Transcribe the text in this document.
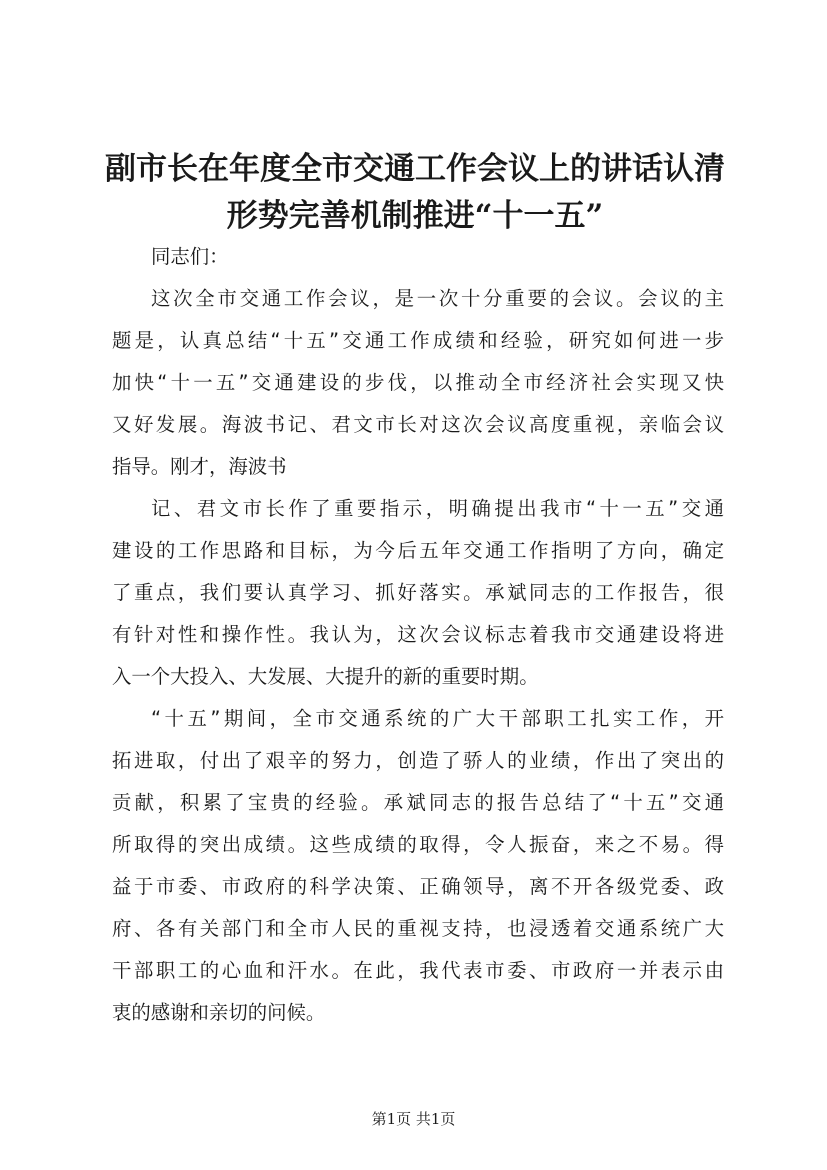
副市长在年度全市交通工作会议上的讲话认清
形势完善机制推进“十一五”
同志们：
这次全市交通工作会议，是一次十分重要的会议。会议的主
题是，认真总结“十五”交通工作成绩和经验，研究如何进一步
加快“十一五”交通建设的步伐，以推动全市经济社会实现又快
又好发展。海波书记、君文市长对这次会议高度重视，亲临会议
指导。刚才，海波书
记、君文市长作了重要指示，明确提出我市“十一五”交通
建设的工作思路和目标，为今后五年交通工作指明了方向，确定
了重点，我们要认真学习、抓好落实。承斌同志的工作报告，很
有针对性和操作性。我认为，这次会议标志着我市交通建设将进
入一个大投入、大发展、大提升的新的重要时期。
“十五”期间，全市交通系统的广大干部职工扎实工作，开
拓进取，付出了艰辛的努力，创造了骄人的业绩，作出了突出的
贡献，积累了宝贵的经验。承斌同志的报告总结了“十五”交通
所取得的突出成绩。这些成绩的取得，令人振奋，来之不易。得
益于市委、市政府的科学决策、正确领导，离不开各级党委、政
府、各有关部门和全市人民的重视支持，也浸透着交通系统广大
干部职工的心血和汗水。在此，我代表市委、市政府一并表示由
衷的感谢和亲切的问候。
第1页 共1页
